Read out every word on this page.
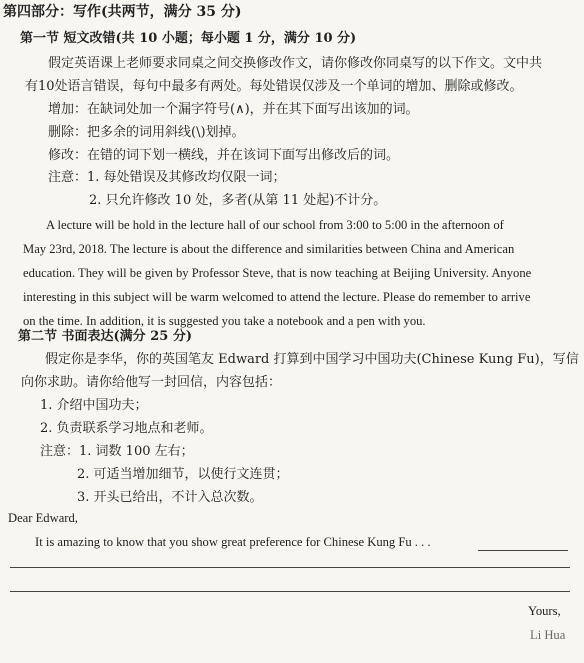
第四部分：写作(共两节，满分 35 分)
第一节 短文改错(共 10 小题；每小题 1 分，满分 10 分)
假定英语课上老师要求同桌之间交换修改作文，请你修改你同桌写的以下作文。文中共
有10处语言错误，每句中最多有两处。每处错误仅涉及一个单词的增加、删除或修改。
增加：在缺词处加一个漏字符号(∧)，并在其下面写出该加的词。
删除：把多余的词用斜线(\)划掉。
修改：在错的词下划一横线，并在该词下面写出修改后的词。
注意：1. 每处错误及其修改均仅限一词；
2. 只允许修改 10 处，多者(从第 11 处起)不计分。
A lecture will be hold in the lecture hall of our school from 3:00 to 5:00 in the afternoon of
May 23rd, 2018. The lecture is about the difference and similarities between China and American
education. They will be given by Professor Steve, that is now teaching at Beijing University. Anyone
interesting in this subject will be warm welcomed to attend the lecture. Please do remember to arrive
on the time. In addition, it is suggested you take a notebook and a pen with you.
第二节 书面表达(满分 25 分)
假定你是李华，你的英国笔友 Edward 打算到中国学习中国功夫(Chinese Kung Fu)，写信
向你求助。请你给他写一封回信，内容包括：
1. 介绍中国功夫；
2. 负责联系学习地点和老师。
注意：1. 词数 100 左右；
2. 可适当增加细节，以使行文连贯；
3. 开头已给出，不计入总次数。
Dear Edward,
It is amazing to know that you show great preference for Chinese Kung Fu . . .
Yours,
Li Hua
